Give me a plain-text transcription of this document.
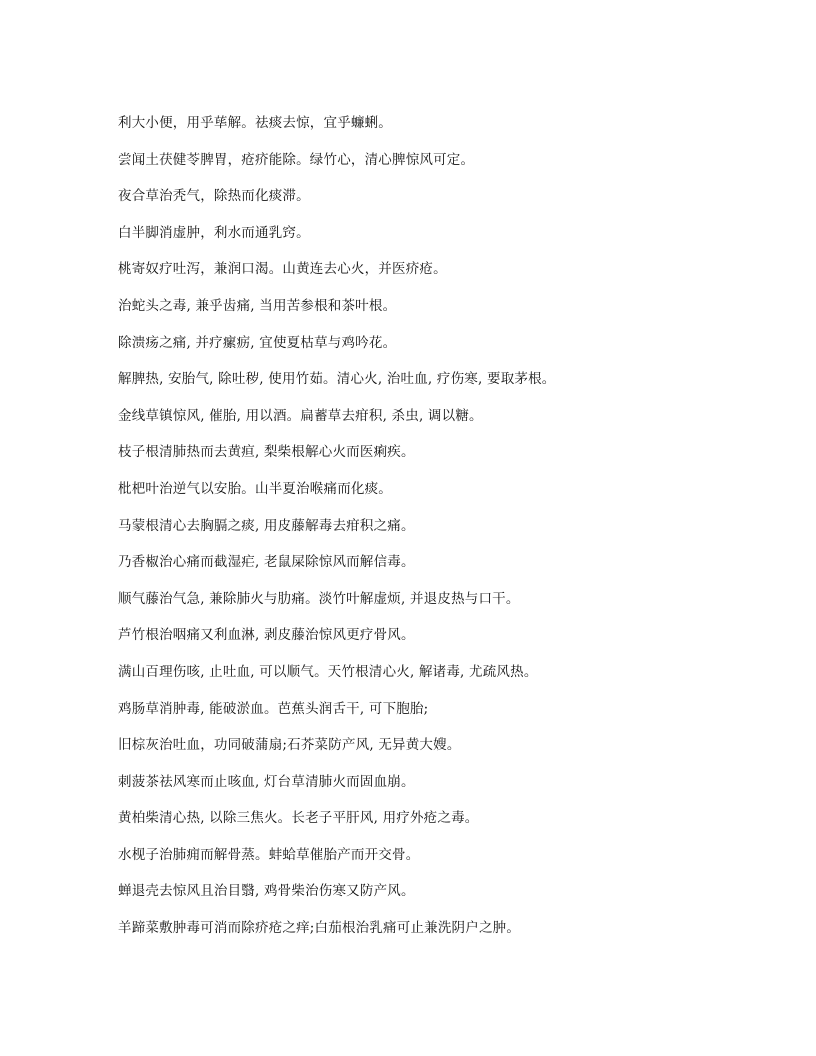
利大小便，用乎荜解。祛痰去惊，宜乎蠊蜊。
尝闻土茯健苓脾胃，疮疥能除。绿竹心，清心脾惊风可定。
夜合草治秃气，除热而化痰滞。
白半脚消虚肿，利水而通乳窍。
桃寄奴疗吐泻，兼润口渴。山黄连去心火，并医疥疮。
治蛇头之毒, 兼乎齿痛, 当用苦参根和茶叶根。
除溃疡之痛, 并疗瘰疬, 宜使夏枯草与鸡吟花。
解脾热, 安胎气, 除吐秽, 使用竹茹。清心火, 治吐血, 疗伤寒, 要取茅根。
金线草镇惊风, 催胎, 用以酒。扁蓄草去疳积, 杀虫, 调以糖。
枝子根清肺热而去黄疸, 梨柴根解心火而医痢疾。
枇杷叶治逆气以安胎。山半夏治喉痛而化痰。
马蒙根清心去胸膈之痰, 用皮藤解毒去疳积之痛。
乃香椒治心痛而截湿疟, 老鼠屎除惊风而解信毒。
顺气藤治气急, 兼除肺火与肋痛。淡竹叶解虚烦, 并退皮热与口干。
芦竹根治咽痛又利血淋, 剥皮藤治惊风更疗骨风。
满山百理伤咳, 止吐血, 可以顺气。天竹根清心火, 解诸毒, 尤疏风热。
鸡肠草消肿毒, 能破淤血。芭蕉头润舌干, 可下胞胎;
旧棕灰治吐血，功同破蒲扇;石芥菜防产风, 无异黄大嫂。
刺菠茶祛风寒而止咳血, 灯台草清肺火而固血崩。
黄柏柴清心热, 以除三焦火。长老子平肝风, 用疗外疮之毒。
水枧子治肺痈而解骨蒸。蚌蛤草催胎产而开交骨。
蝉退壳去惊风且治目翳, 鸡骨柴治伤寒又防产风。
羊蹄菜敷肿毒可消而除疥疮之痒;白茄根治乳痛可止兼洗阴户之肿。
